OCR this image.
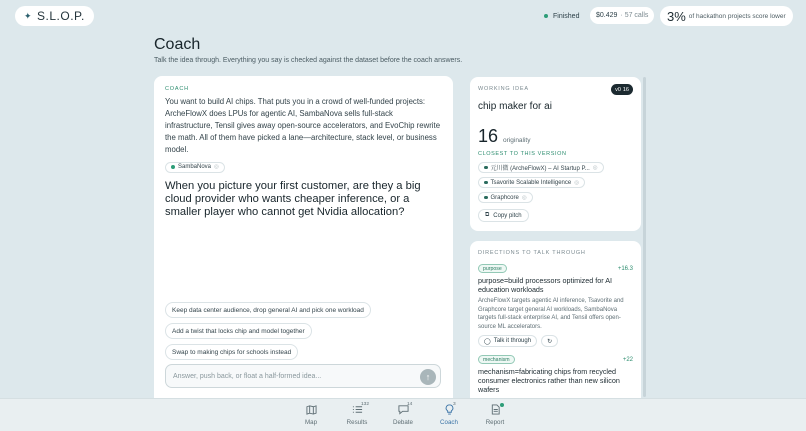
✦ S.L.O.P.	Finished $0.429 · 57 calls 3% of hackathon projects score lower
Coach
Talk the idea through. Everything you say is checked against the dataset before the coach answers.
COACH
You want to build AI chips. That puts you in a crowd of well-funded projects: ArcheFlowX does LPUs for agentic AI, SambaNova sells full-stack infrastructure, Tensil gives away open-source accelerators, and EvoChip rewrite the math. All of them have picked a lane—architecture, stack level, or business model.
SambaNova ◎
When you picture your first customer, are they a big cloud provider who wants cheaper inference, or a smaller player who cannot get Nvidia allocation?
Keep data center audience, drop general AI and pick one workload
Add a twist that locks chip and model together
Swap to making chips for schools instead
Answer, push back, or float a half-formed idea...	↑
WORKING IDEA	v0 16
chip maker for ai
16 originality
CLOSEST TO THIS VERSION
元川微 (ArcheFlowX) – AI Startup P... ◎
Tsavorite Scalable Intelligence ◎
Graphcore ◎
⧉ Copy pitch
DIRECTIONS TO TALK THROUGH
purpose	+16.3
purpose=build processors optimized for AI education workloads
ArcheFlowX targets agentic AI inference, Tsavorite and Graphcore target general AI workloads, SambaNova targets full-stack enterprise AI, and Tensil offers open-source ML accelerators.
◯ Talk it through	↻
mechanism	+22
mechanism=fabricating chips from recycled consumer electronics rather than new silicon wafers
Map
132
Results
14
Debate
3
Coach	Report
